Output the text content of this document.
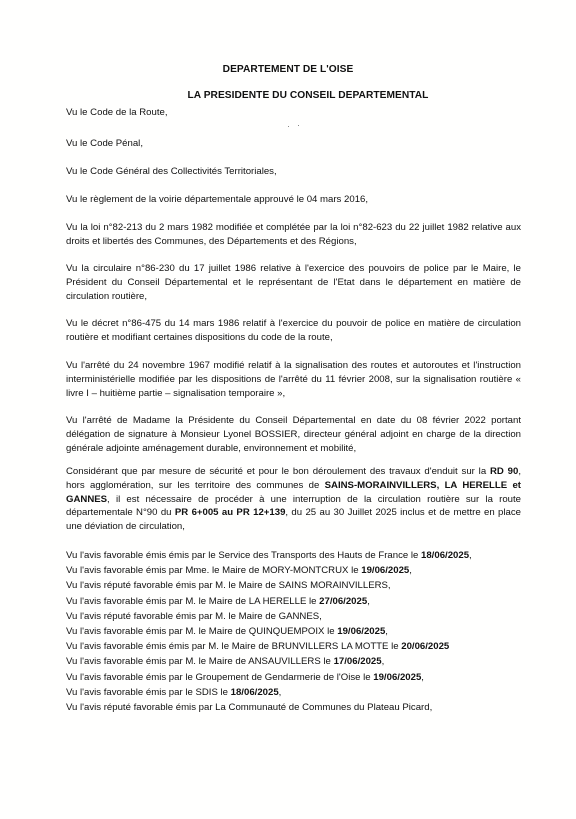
DEPARTEMENT DE L'OISE
LA PRESIDENTE DU CONSEIL DEPARTEMENTAL

Vu le Code de la Route,

Vu le Code Pénal,

Vu le Code Général des Collectivités Territoriales,

Vu le règlement de la voirie départementale approuvé le 04 mars 2016,

Vu la loi n°82-213 du 2 mars 1982 modifiée et complétée par la loi n°82-623 du 22 juillet 1982 relative aux droits et libertés des Communes, des Départements et des Régions,

Vu la circulaire n°86-230 du 17 juillet 1986 relative à l'exercice des pouvoirs de police par le Maire, le Président du Conseil Départemental et le représentant de l'Etat dans le département en matière de circulation routière,

Vu le décret n°86-475 du 14 mars 1986 relatif à l'exercice du pouvoir de police en matière de circulation routière et modifiant certaines dispositions du code de la route,

Vu l'arrêté du 24 novembre 1967 modifié relatif à la signalisation des routes et autoroutes et l'instruction interministérielle modifiée par les dispositions de l'arrêté du 11 février 2008, sur la signalisation routière « livre I – huitième partie – signalisation temporaire »,

Vu l'arrêté de Madame la Présidente du Conseil Départemental en date du 08 février 2022 portant délégation de signature à Monsieur Lyonel BOSSIER, directeur général adjoint en charge de la direction générale adjointe aménagement durable, environnement et mobilité,

Considérant que par mesure de sécurité et pour le bon déroulement des travaux d'enduit sur la RD 90, hors agglomération, sur les territoire des communes de SAINS-MORAINVILLERS, LA HERELLE et GANNES, il est nécessaire de procéder à une interruption de la circulation routière sur la route départementale N°90 du PR 6+005 au PR 12+139, du 25 au 30 Juillet 2025 inclus et de mettre en place une déviation de circulation,

Vu l'avis favorable émis émis par le Service des Transports des Hauts de France le 18/06/2025,
Vu l'avis favorable émis par Mme. le Maire de MORY-MONTCRUX le 19/06/2025,
Vu l'avis réputé favorable émis par M. le Maire de SAINS MORAINVILLERS,
Vu l'avis favorable émis par M. le Maire de LA HERELLE le 27/06/2025,
Vu l'avis réputé favorable émis par M. le Maire de GANNES,
Vu l'avis favorable émis par M. le Maire de QUINQUEMPOIX le 19/06/2025,
Vu l'avis favorable émis émis par M. le Maire de BRUNVILLERS LA MOTTE le 20/06/2025
Vu l'avis favorable émis par M. le Maire de ANSAUVILLERS le 17/06/2025,
Vu l'avis favorable émis par le Groupement de Gendarmerie de l'Oise le 19/06/2025,
Vu l'avis favorable émis par le SDIS le 18/06/2025,
Vu l'avis réputé favorable émis par La Communauté de Communes du Plateau Picard,
